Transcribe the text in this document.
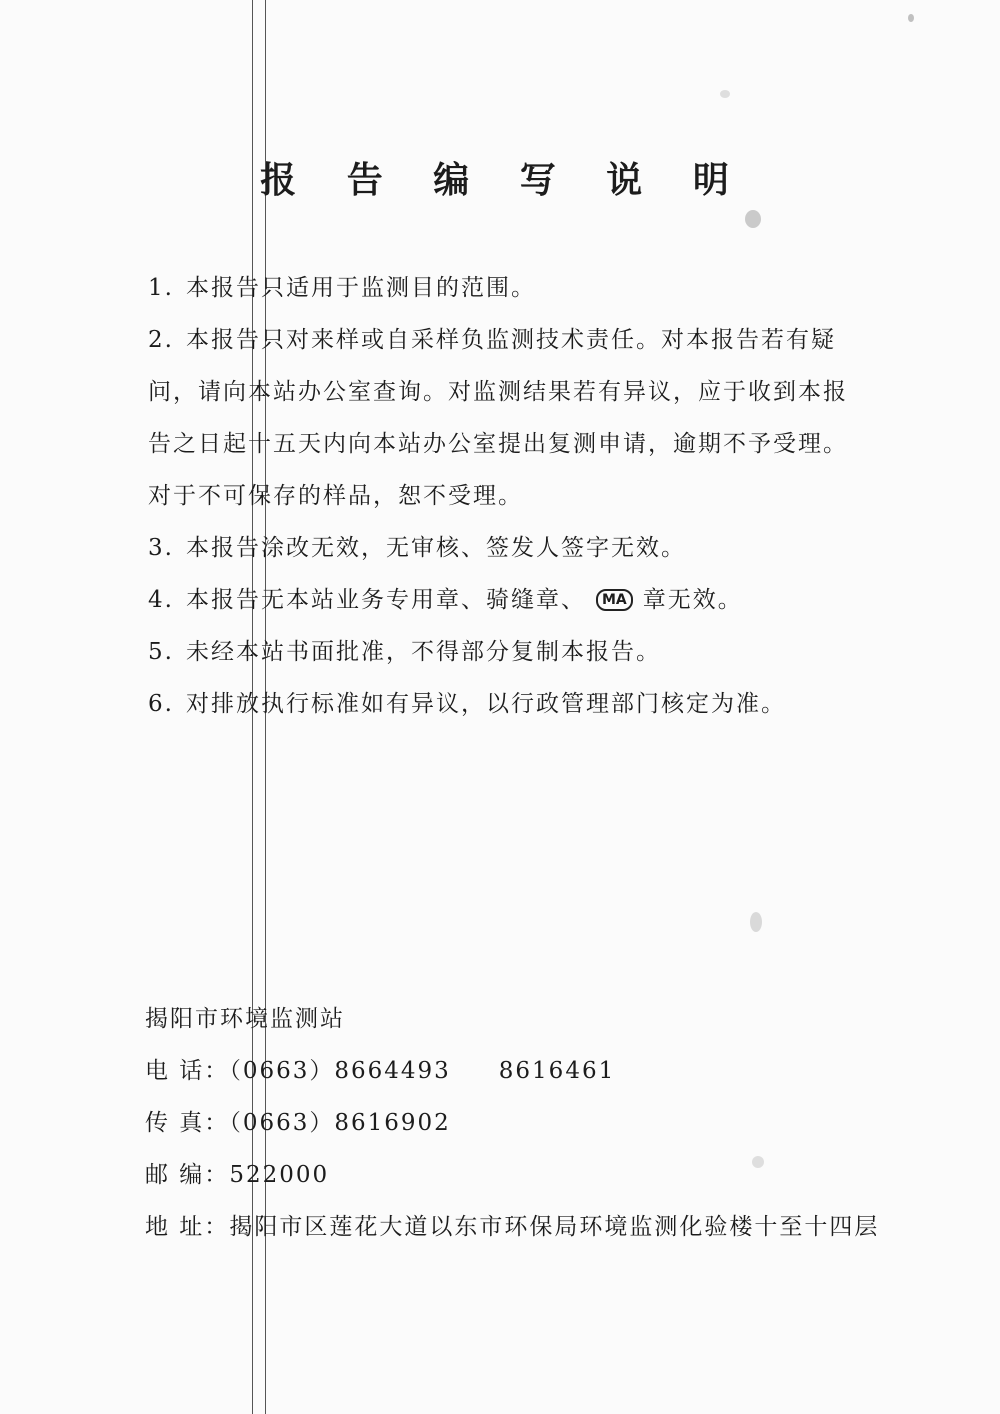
报 告 编 写 说 明

1. 本报告只适用于监测目的范围。

2. 本报告只对来样或自采样负监测技术责任。对本报告若有疑问，请向本站办公室查询。对监测结果若有异议，应于收到本报告之日起十五天内向本站办公室提出复测申请，逾期不予受理。对于不可保存的样品，恕不受理。

3. 本报告涂改无效，无审核、签发人签字无效。

4. 本报告无本站业务专用章、骑缝章、 MA 章无效。

5. 未经本站书面批准，不得部分复制本报告。

6. 对排放执行标准如有异议，以行政管理部门核定为准。

揭阳市环境监测站

电 话：（0663）8664493 8616461

传 真：（0663）8616902

邮 编：522000

地 址：揭阳市区莲花大道以东市环保局环境监测化验楼十至十四层
